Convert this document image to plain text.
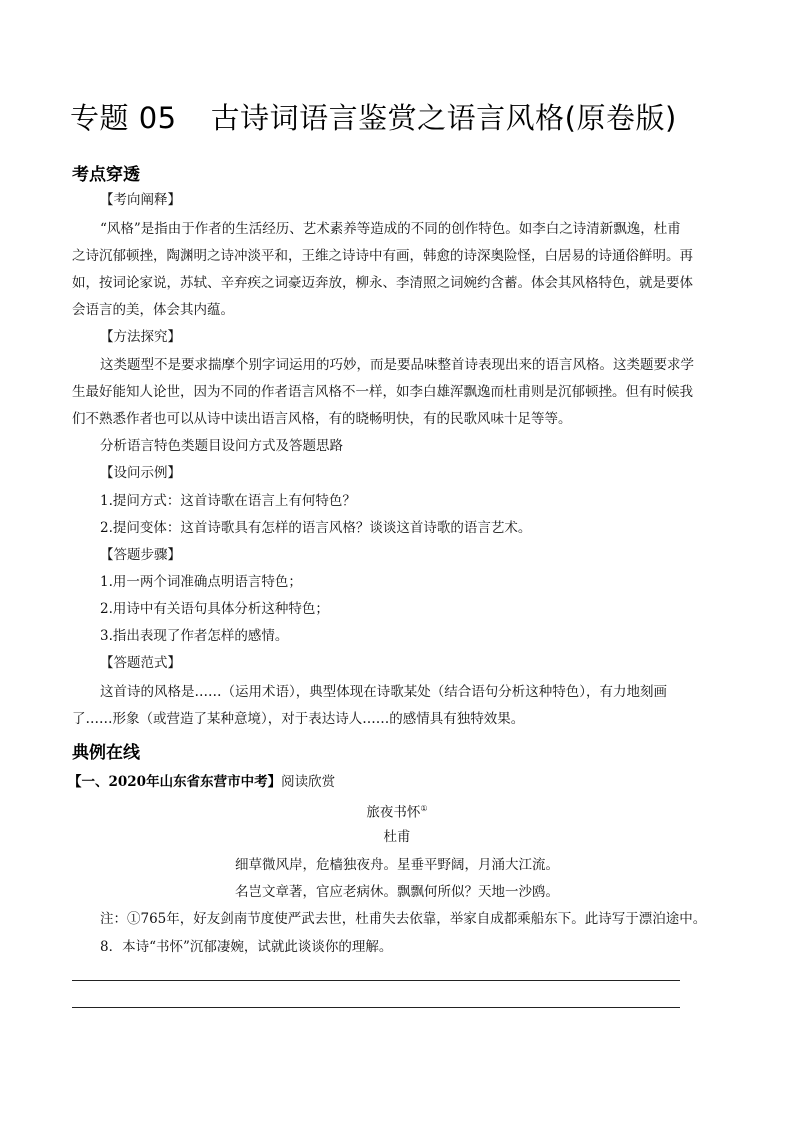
专题 05 古诗词语言鉴赏之语言风格(原卷版)
考点穿透
【考向阐释】
“风格”是指由于作者的生活经历、艺术素养等造成的不同的创作特色。如李白之诗清新飘逸，杜甫
之诗沉郁顿挫，陶渊明之诗冲淡平和，王维之诗诗中有画，韩愈的诗深奥险怪，白居易的诗通俗鲜明。再
如，按词论家说，苏轼、辛弃疾之词豪迈奔放，柳永、李清照之词婉约含蓄。体会其风格特色，就是要体
会语言的美，体会其内蕴。
【方法探究】
这类题型不是要求揣摩个别字词运用的巧妙，而是要品味整首诗表现出来的语言风格。这类题要求学
生最好能知人论世，因为不同的作者语言风格不一样，如李白雄浑飘逸而杜甫则是沉郁顿挫。但有时候我
们不熟悉作者也可以从诗中读出语言风格，有的晓畅明快，有的民歌风味十足等等。
分析语言特色类题目设问方式及答题思路
【设问示例】
1.提问方式：这首诗歌在语言上有何特色？
2.提问变体：这首诗歌具有怎样的语言风格？谈谈这首诗歌的语言艺术。
【答题步骤】
1.用一两个词准确点明语言特色；
2.用诗中有关语句具体分析这种特色；
3.指出表现了作者怎样的感情。
【答题范式】
这首诗的风格是……（运用术语），典型体现在诗歌某处（结合语句分析这种特色），有力地刻画
了……形象（或营造了某种意境），对于表达诗人……的感情具有独特效果。
典例在线
【一、2020年山东省东营市中考】阅读欣赏
旅夜书怀①
杜甫
细草微风岸，危樯独夜舟。星垂平野阔，月涌大江流。
名岂文章著，官应老病休。飘飘何所似？天地一沙鸥。
注：①765年，好友剑南节度使严武去世，杜甫失去依靠，举家自成都乘船东下。此诗写于漂泊途中。
8．本诗“书怀”沉郁凄婉，试就此谈谈你的理解。
